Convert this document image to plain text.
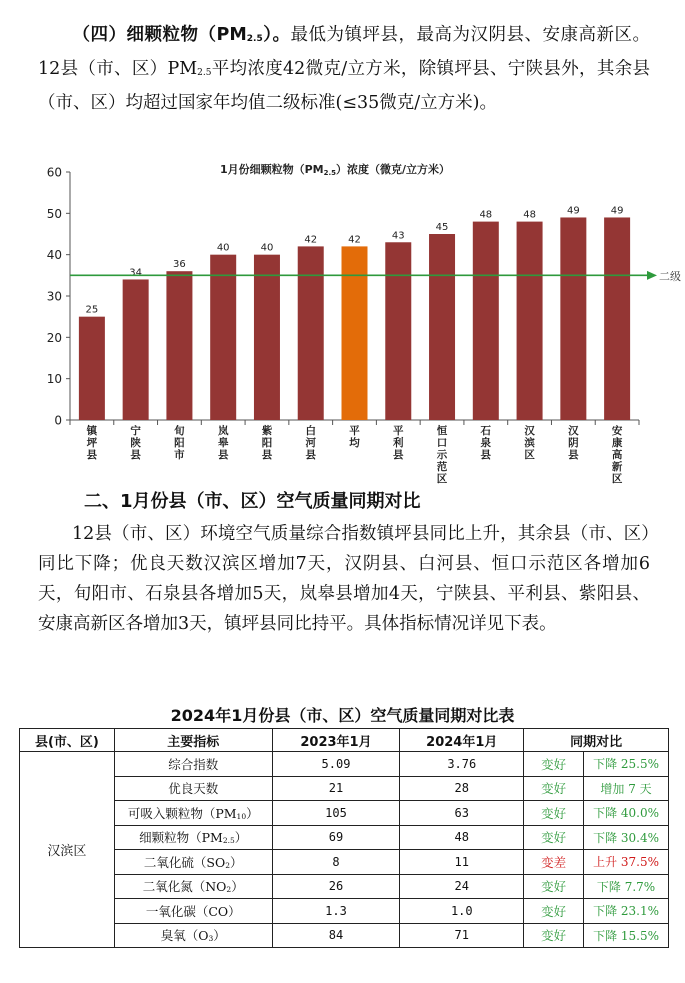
（四）细颗粒物$(PM_{2.5})$。最低为镇坪县，最高为汉阴县、安康高新区。12县（市、区）$PM_{2.5}$平均浓度42微克/立方米，除镇坪县、宁陕县外，其余县（市、区）均超过国家年均值二级标准(≤35微克/立方米)。
1月份细颗粒物（PM2.5）浓度（微克/立方米）
0
10
20
30
40
50
60
25
镇坪县
34
宁陕县
36
旬阳市
40
岚皋县
40
紫阳县
42
白河县
42
平均
43
平利县
45
恒口示范区
48
石泉县
48
汉滨区
49
汉阴县
49
安康高新区
二级
二、1月份县（市、区）空气质量同期对比
12县（市、区）环境空气质量综合指数镇坪县同比上升，其余县（市、区）同比下降；优良天数汉滨区增加7天，汉阴县、白河县、恒口示范区各增加6天，旬阳市、石泉县各增加5天，岚皋县增加4天，宁陕县、平利县、紫阳县、安康高新区各增加3天，镇坪县同比持平。具体指标情况详见下表。
2024年1月份县（市、区）空气质量同期对比表
县(市、区)	主要指标	2023年1月	2024年1月	同期对比	
汉滨区	综合指数	5.09	3.76	变好	下降 25.5%
	优良天数	21	28	变好	增加 7 天
	可吸入颗粒物$(PM_{10})$	105	63	变好	下降 40.0%
	细颗粒物$(PM_{2.5})$	69	48	变好	下降 30.4%
	二氧化硫$(SO_2)$	8	11	变差	上升 37.5%
	二氧化氮$(NO_2)$	26	24	变好	下降 7.7%
	一氧化碳（CO）	1.3	1.0	变好	下降 23.1%
	臭氧$(O_3)$	84	71	变好	下降 15.5%
